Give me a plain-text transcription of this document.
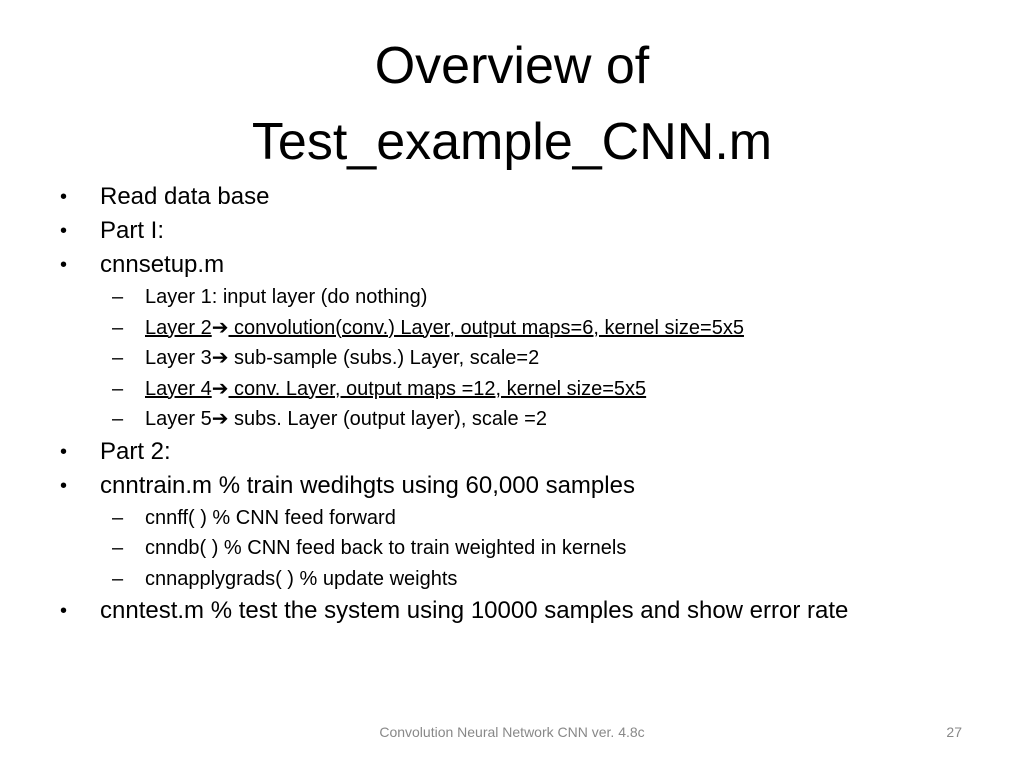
Overview of
Test_example_CNN.m
• Read data base
• Part I:
• cnnsetup.m
– Layer 1: input layer (do nothing)
– Layer 2➔ convolution(conv.) Layer, output maps=6, kernel size=5x5
– Layer 3➔ sub-sample (subs.) Layer, scale=2
– Layer 4➔ conv. Layer, output maps =12, kernel size=5x5
– Layer 5➔ subs. Layer (output layer), scale =2
• Part 2:
• cnntrain.m % train wedihgts using 60,000 samples
– cnnff( ) % CNN feed forward
– cnndb( ) % CNN feed back to train weighted in kernels
– cnnapplygrads( ) % update weights
• cnntest.m % test the system using 10000 samples and show error rate
Convolution Neural Network CNN ver. 4.8c	27
